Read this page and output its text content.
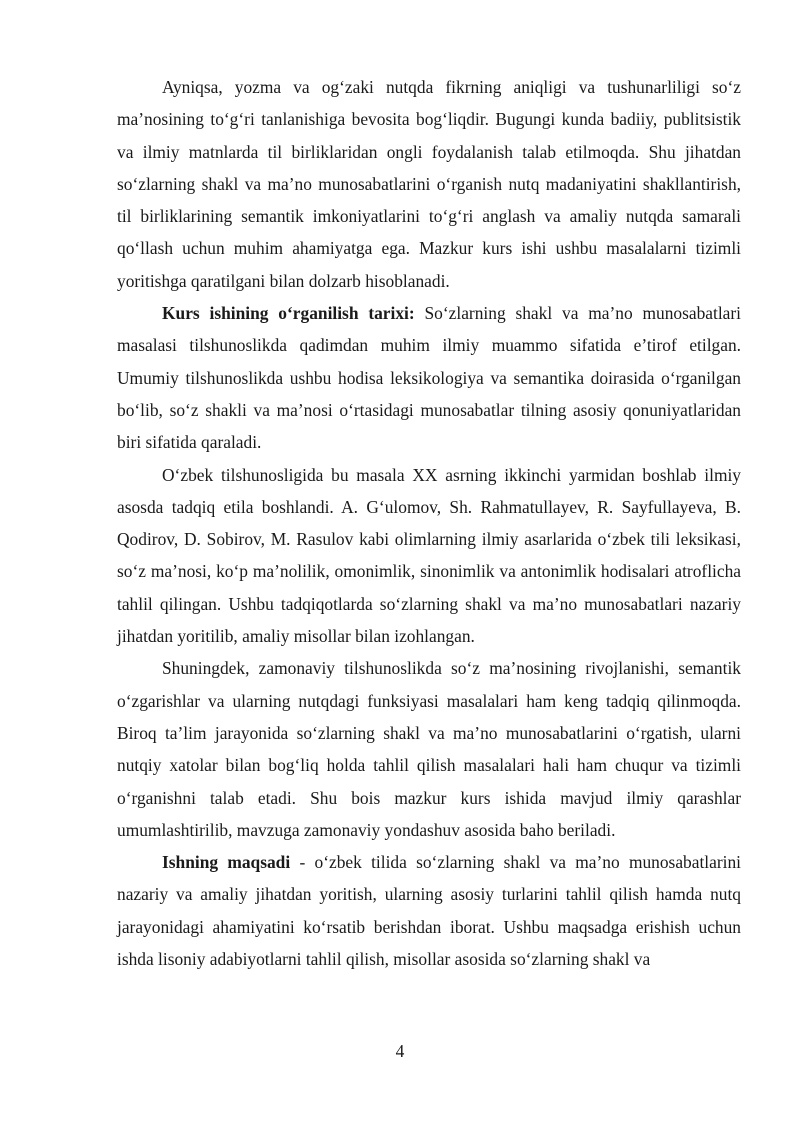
Ayniqsa, yozma va og‘zaki nutqda fikrning aniqligi va tushunarliligi so‘z ma’nosining to‘g‘ri tanlanishiga bevosita bog‘liqdir. Bugungi kunda badiiy, publitsistik va ilmiy matnlarda til birliklaridan ongli foydalanish talab etilmoqda. Shu jihatdan so‘zlarning shakl va ma’no munosabatlarini o‘rganish nutq madaniyatini shakllantirish, til birliklarining semantik imkoniyatlarini to‘g‘ri anglash va amaliy nutqda samarali qo‘llash uchun muhim ahamiyatga ega. Mazkur kurs ishi ushbu masalalarni tizimli yoritishga qaratilgani bilan dolzarb hisoblanadi.

Kurs ishining o‘rganilish tarixi: So‘zlarning shakl va ma’no munosabatlari masalasi tilshunoslikda qadimdan muhim ilmiy muammo sifatida e’tirof etilgan. Umumiy tilshunoslikda ushbu hodisa leksikologiya va semantika doirasida o‘rganilgan bo‘lib, so‘z shakli va ma’nosi o‘rtasidagi munosabatlar tilning asosiy qonuniyatlaridan biri sifatida qaraladi.

O‘zbek tilshunosligida bu masala XX asrning ikkinchi yarmidan boshlab ilmiy asosda tadqiq etila boshlandi. A. G‘ulomov, Sh. Rahmatullayev, R. Sayfullayeva, B. Qodirov, D. Sobirov, M. Rasulov kabi olimlarning ilmiy asarlarida o‘zbek tili leksikasi, so‘z ma’nosi, ko‘p ma’nolilik, omonimlik, sinonimlik va antonimlik hodisalari atroflicha tahlil qilingan. Ushbu tadqiqotlarda so‘zlarning shakl va ma’no munosabatlari nazariy jihatdan yoritilib, amaliy misollar bilan izohlangan.

Shuningdek, zamonaviy tilshunoslikda so‘z ma’nosining rivojlanishi, semantik o‘zgarishlar va ularning nutqdagi funksiyasi masalalari ham keng tadqiq qilinmoqda. Biroq ta’lim jarayonida so‘zlarning shakl va ma’no munosabatlarini o‘rgatish, ularni nutqiy xatolar bilan bog‘liq holda tahlil qilish masalalari hali ham chuqur va tizimli o‘rganishni talab etadi. Shu bois mazkur kurs ishida mavjud ilmiy qarashlar umumlashtirilib, mavzuga zamonaviy yondashuv asosida baho beriladi.

Ishning maqsadi - o‘zbek tilida so‘zlarning shakl va ma’no munosabatlarini nazariy va amaliy jihatdan yoritish, ularning asosiy turlarini tahlil qilish hamda nutq jarayonidagi ahamiyatini ko‘rsatib berishdan iborat. Ushbu maqsadga erishish uchun ishda lisoniy adabiyotlarni tahlil qilish, misollar asosida so‘zlarning shakl va

4
